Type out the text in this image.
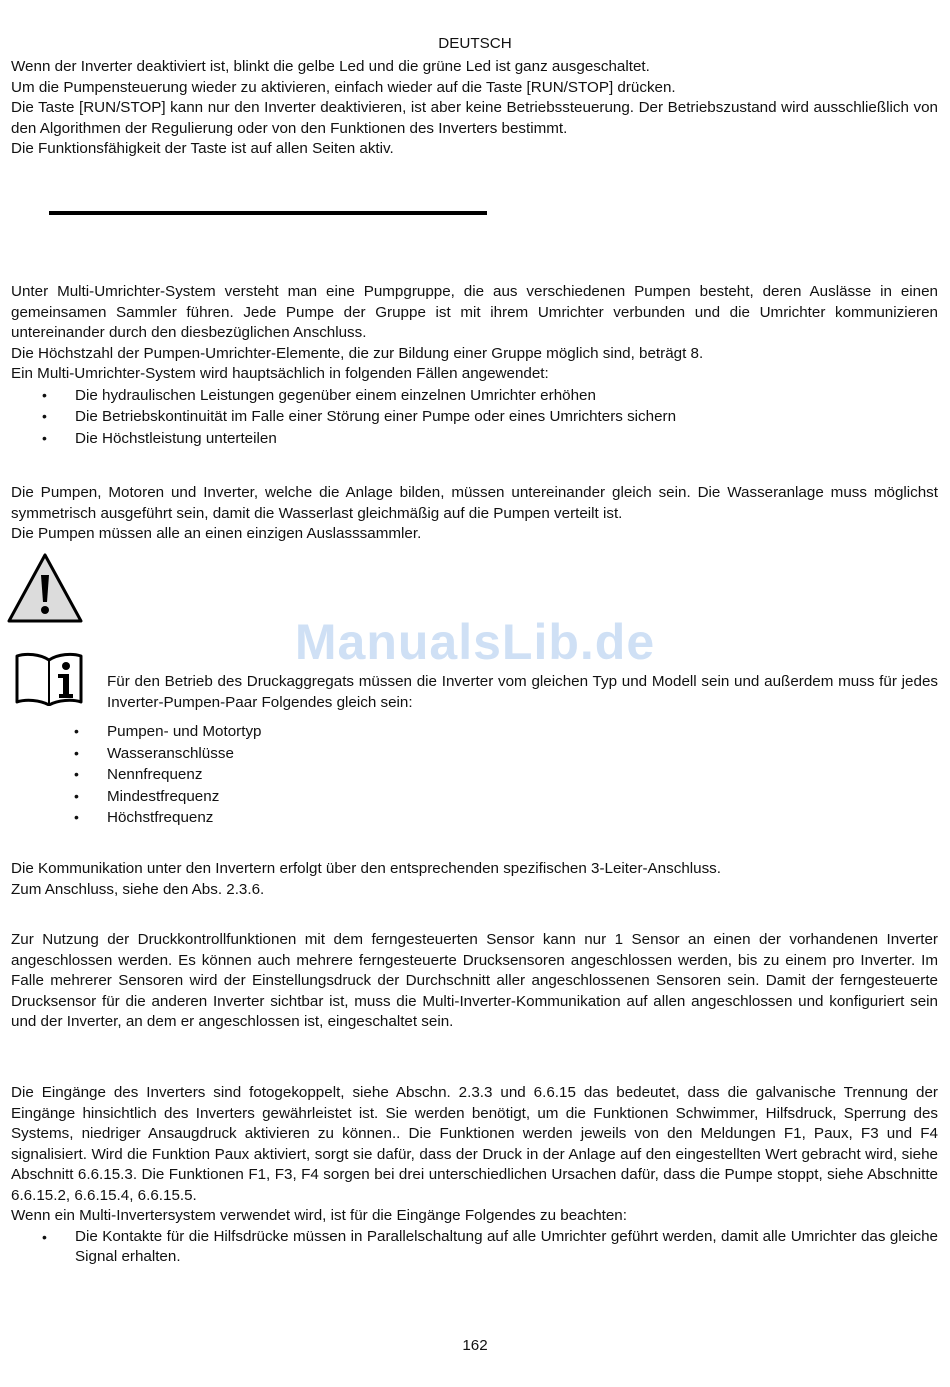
DEUTSCH

Wenn der Inverter deaktiviert ist, blinkt die gelbe Led und die grüne Led ist ganz ausgeschaltet.

Um die Pumpensteuerung wieder zu aktivieren, einfach wieder auf die Taste [RUN/STOP] drücken.

Die Taste [RUN/STOP] kann nur den Inverter deaktivieren, ist aber keine Betriebssteuerung. Der Betriebszustand wird ausschließlich von den Algorithmen der Regulierung oder von den Funktionen des Inverters bestimmt.

Die Funktionsfähigkeit der Taste ist auf allen Seiten aktiv.

Unter Multi-Umrichter-System versteht man eine Pumpgruppe, die aus verschiedenen Pumpen besteht, deren Auslässe in einen gemeinsamen Sammler führen. Jede Pumpe der Gruppe ist mit ihrem Umrichter verbunden und die Umrichter kommunizieren untereinander durch den diesbezüglichen Anschluss.

Die Höchstzahl der Pumpen-Umrichter-Elemente, die zur Bildung einer Gruppe möglich sind, beträgt 8.

Ein Multi-Umrichter-System wird hauptsächlich in folgenden Fällen angewendet:

• Die hydraulischen Leistungen gegenüber einem einzelnen Umrichter erhöhen
• Die Betriebskontinuität im Falle einer Störung einer Pumpe oder eines Umrichters sichern
• Die Höchstleistung unterteilen

Die Pumpen, Motoren und Inverter, welche die Anlage bilden, müssen untereinander gleich sein. Die Wasseranlage muss möglichst symmetrisch ausgeführt sein, damit die Wasserlast gleichmäßig auf die Pumpen verteilt ist.

Die Pumpen müssen alle an einen einzigen Auslasssammler.

ManualsLib.de

Für den Betrieb des Druckaggregats müssen die Inverter vom gleichen Typ und Modell sein und außerdem muss für jedes Inverter-Pumpen-Paar Folgendes gleich sein:

• Pumpen- und Motortyp
• Wasseranschlüsse
• Nennfrequenz
• Mindestfrequenz
• Höchstfrequenz

Die Kommunikation unter den Invertern erfolgt über den entsprechenden spezifischen 3-Leiter-Anschluss.

Zum Anschluss, siehe den Abs. 2.3.6.

Zur Nutzung der Druckkontrollfunktionen mit dem ferngesteuerten Sensor kann nur 1 Sensor an einen der vorhandenen Inverter angeschlossen werden. Es können auch mehrere ferngesteuerte Drucksensoren angeschlossen werden, bis zu einem pro Inverter. Im Falle mehrerer Sensoren wird der Einstellungsdruck der Durchschnitt aller angeschlossenen Sensoren sein. Damit der ferngesteuerte Drucksensor für die anderen Inverter sichtbar ist, muss die Multi-Inverter-Kommunikation auf allen angeschlossen und konfiguriert sein und der Inverter, an dem er angeschlossen ist, eingeschaltet sein.

Die Eingänge des Inverters sind fotogekoppelt, siehe Abschn. 2.3.3 und 6.6.15 das bedeutet, dass die galvanische Trennung der Eingänge hinsichtlich des Inverters gewährleistet ist. Sie werden benötigt, um die Funktionen Schwimmer, Hilfsdruck, Sperrung des Systems, niedriger Ansaugdruck aktivieren zu können.. Die Funktionen werden jeweils von den Meldungen F1, Paux, F3 und F4 signalisiert. Wird die Funktion Paux aktiviert, sorgt sie dafür, dass der Druck in der Anlage auf den eingestellten Wert gebracht wird, siehe Abschnitt 6.6.15.3. Die Funktionen F1, F3, F4 sorgen bei drei unterschiedlichen Ursachen dafür, dass die Pumpe stoppt, siehe Abschnitte 6.6.15.2, 6.6.15.4, 6.6.15.5.

Wenn ein Multi-Invertersystem verwendet wird, ist für die Eingänge Folgendes zu beachten:

• Die Kontakte für die Hilfsdrücke müssen in Parallelschaltung auf alle Umrichter geführt werden, damit alle Umrichter das gleiche Signal erhalten.
162
